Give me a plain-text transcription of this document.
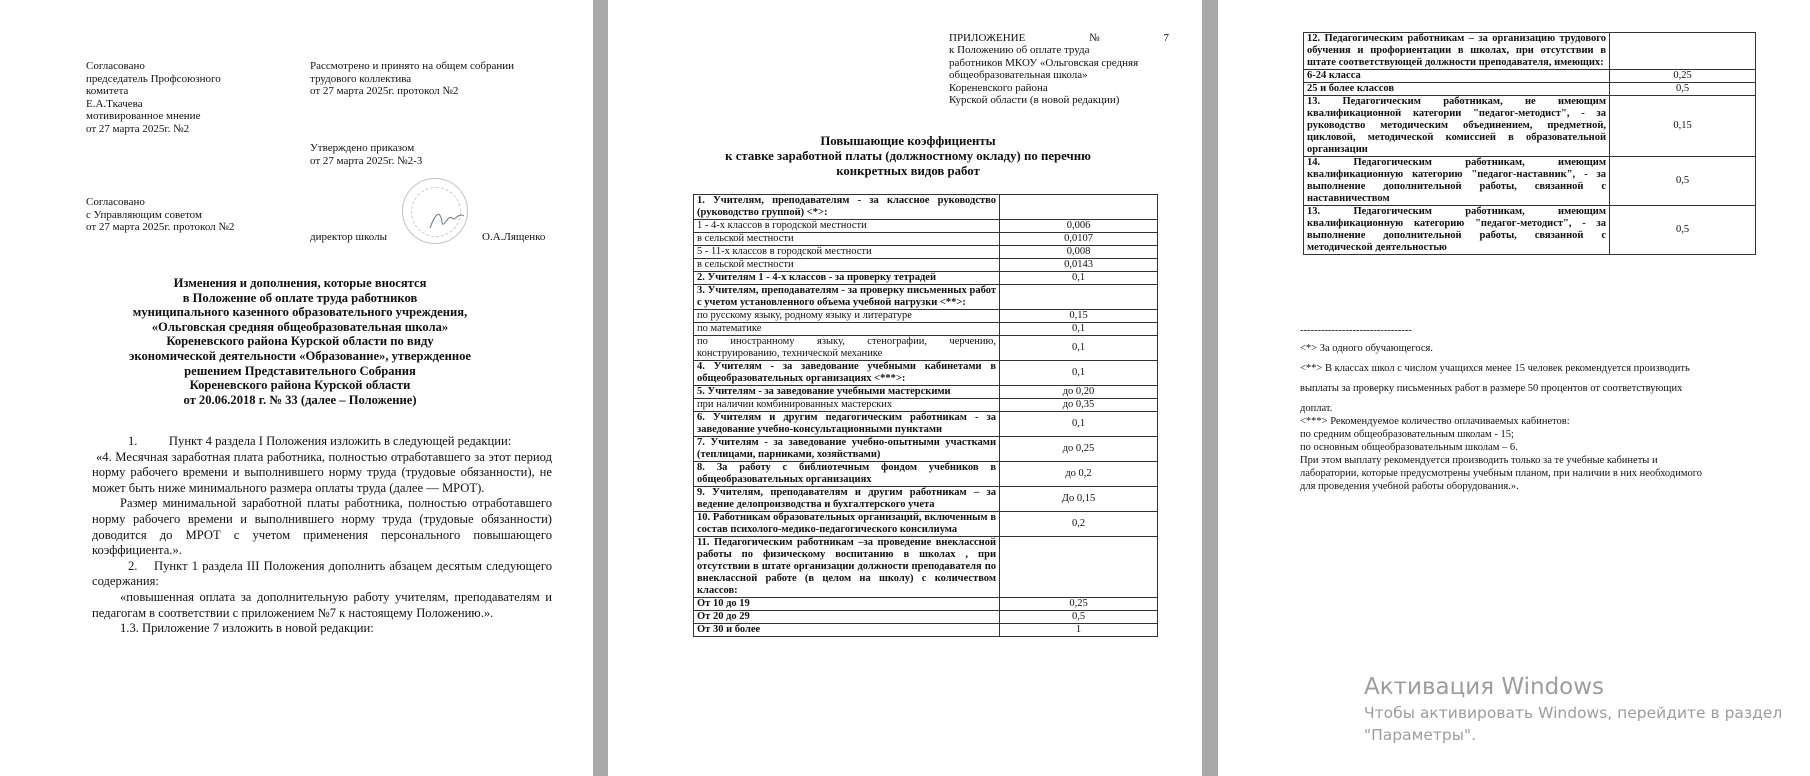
Согласовано
председатель Профсоюзного
комитета
Е.А.Ткачева
мотивированное мнение
от 27 марта 2025г. №2
Рассмотрено и принято на общем собрании
трудового коллектива
от 27 марта 2025г. протокол №2
Утверждено приказом
от 27 марта 2025г. №2-3
Согласовано
с Управляющим советом
от 27 марта 2025г. протокол №2
директор школы	О.А.Лященко
Изменения и дополнения, которые вносятся
в Положение об оплате труда работников
муниципального казенного образовательного учреждения,
«Ольговская средняя общеобразовательная школа»
Кореневского района Курской области по виду
экономической деятельности «Образование», утвержденное
решением Представительного Собрания
Кореневского района Курской области
от 20.06.2018 г. № 33 (далее – Положение)
1.          Пункт 4 раздела I Положения изложить в следующей редакции:
«4. Месячная заработная плата работника, полностью отработавшего за этот период норму рабочего времени и выполнившего норму труда (трудовые обязанности), не может быть ниже минимального размера оплаты труда (далее — МРОТ).
Размер минимальной заработной платы работника, полностью отработавшего норму рабочего времени и выполнившего норму труда (трудовые обязанности) доводится до МРОТ с учетом применения персонального повышающего коэффициента.».
2.    Пункт 1 раздела III Положения дополнить абзацем десятым следующего содержания:
«повышенная оплата за дополнительную работу учителям, преподавателям и педагогам в соответствии с приложением №7 к настоящему Положению.».
1.3. Приложение 7 изложить в новой редакции:
ПРИЛОЖЕНИЕ	№	7
к Положению об оплате труда
работников МКОУ «Ольговская средняя
общеобразовательная школа»
Кореневского района
Курской области (в новой редакции)
Повышающие коэффициенты
к ставке заработной платы (должностному окладу) по перечню
конкретных видов работ
1. Учителям, преподавателям - за классное руководство (руководство группой) <*>:	
1 - 4-х классов в городской местности	0,006
в сельской местности	0,0107
5 - 11-х классов в городской местности	0,008
в сельской местности	0,0143
2. Учителям 1 - 4-х классов - за проверку тетрадей	0,1
3. Учителям, преподавателям - за проверку письменных работ с учетом установленного объема учебной нагрузки <**>:	
по русскому языку, родному языку и литературе	0,15
по математике	0,1
по иностранному языку, стенографии, черчению, конструированию, технической механике	0,1
4. Учителям - за заведование учебными кабинетами в общеобразовательных организациях <***>:	0,1
5. Учителям - за заведование учебными мастерскими	до 0,20
при наличии комбинированных мастерских	до 0,35
6. Учителям и другим педагогическим работникам - за заведование учебно-консультационными пунктами	0,1
7. Учителям - за заведование учебно-опытными участками (теплицами, парниками, хозяйствами)	до 0,25
8. За работу с библиотечным фондом учебников в общеобразовательных организациях	до 0,2
9. Учителям, преподавателям и другим работникам – за ведение делопроизводства и бухгалтерского учета	До 0,15
10. Работникам образовательных организаций, включенным в состав психолого-медико-педагогического консилиума	0,2
11. Педагогическим работникам –за проведение внеклассной работы по физическому воспитанию в школах , при отсутствии в штате организации должности преподавателя по внеклассной работе (в целом на школу) с количеством классов:	
От 10 до 19	0,25
От 20 до 29	0,5
От 30 и более	1
12. Педагогическим работникам – за организацию трудового обучения и профориентации в школах, при отсутствии в штате соответствующей должности преподавателя, имеющих:	
6-24 класса	0,25
25 и более классов	0,5
13. Педагогическим работникам, не имеющим квалификационной категории "педагог-методист", - за руководство методическим объединением, предметной, цикловой, методической комиссией в образовательной организации	0,15
14. Педагогическим работникам, имеющим квалификационную категорию "педагог-наставник", - за выполнение дополнительной работы, связанной с наставничеством	0,5
13. Педагогическим работникам, имеющим квалификационную категорию "педагог-методист", - за выполнение дополнительной работы, связанной с методической деятельностью	0,5
--------------------------------
<*> За одного обучающегося.
<**> В классах школ с числом учащихся менее 15 человек рекомендуется производить
выплаты за проверку письменных работ в размере 50 процентов от соответствующих
доплат.
<***> Рекомендуемое количество оплачиваемых кабинетов:
по средним общеобразовательным школам - 15;
по основным общеобразовательным школам – 6.
При этом выплату рекомендуется производить только за те учебные кабинеты и
лаборатории, которые предусмотрены учебным планом, при наличии в них необходимого
для проведения учебной работы оборудования.».
Активация Windows
Чтобы активировать Windows, перейдите в раздел
"Параметры".
